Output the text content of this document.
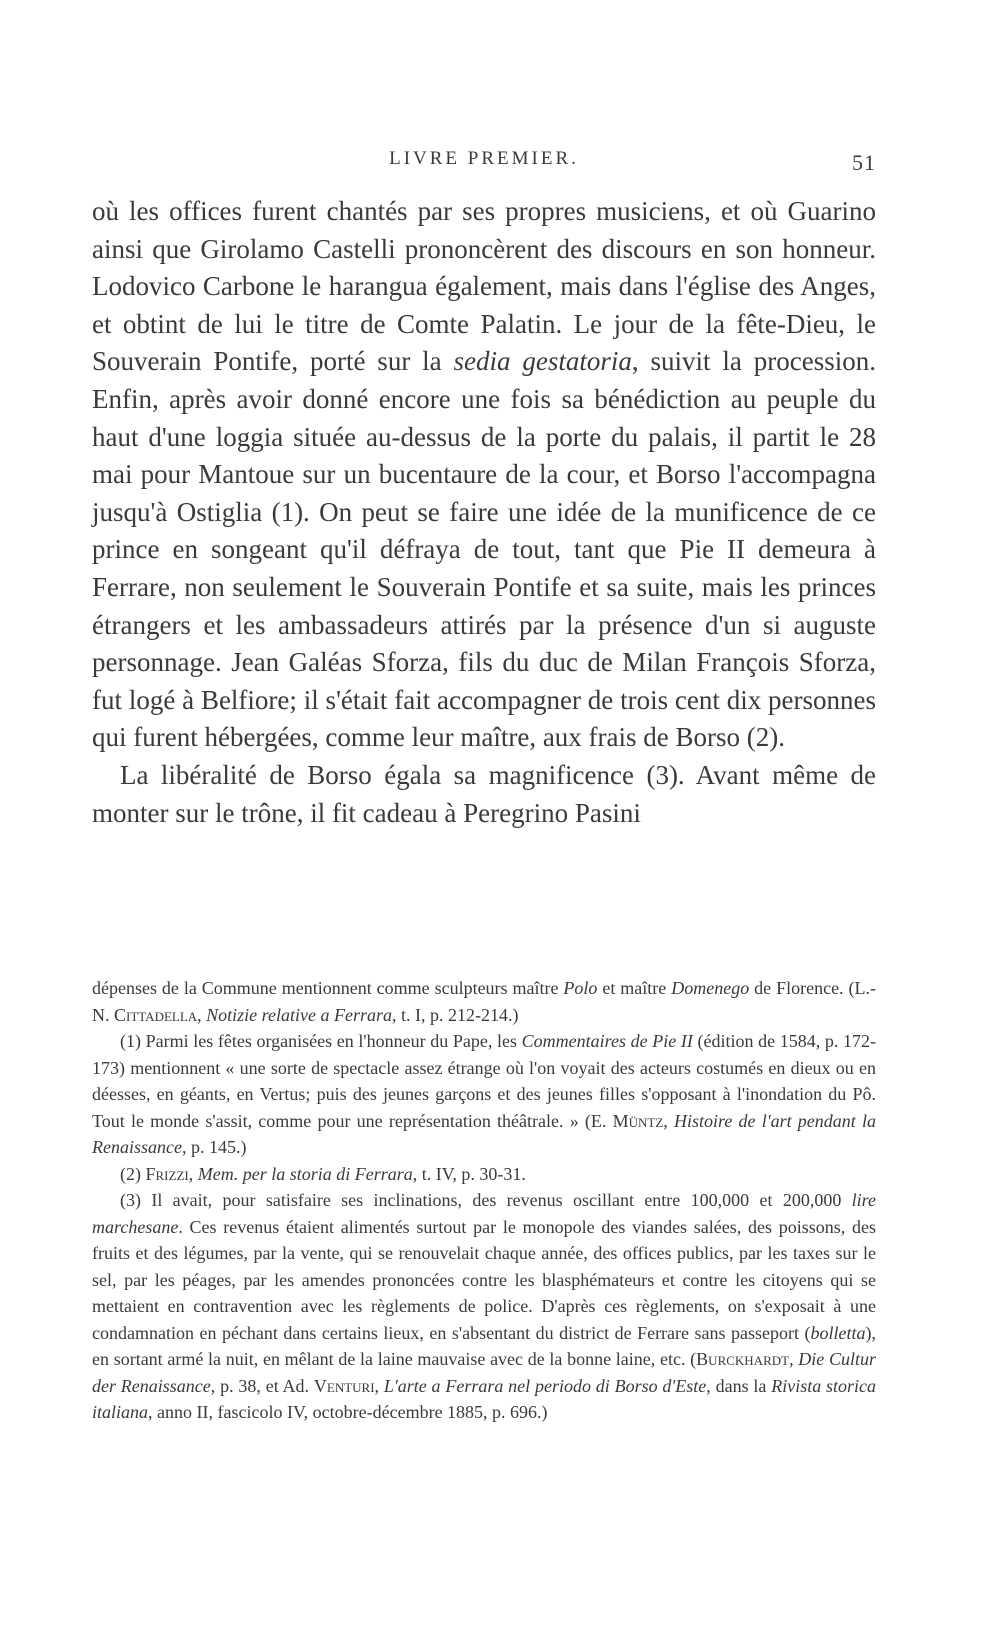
LIVRE PREMIER.	51

où les offices furent chantés par ses propres musiciens, et où Guarino ainsi que Girolamo Castelli prononcèrent des discours en son honneur. Lodovico Carbone le harangua également, mais dans l'église des Anges, et obtint de lui le titre de Comte Palatin. Le jour de la fête-Dieu, le Souverain Pontife, porté sur la sedia gestatoria, suivit la procession. Enfin, après avoir donné encore une fois sa bénédiction au peuple du haut d'une loggia située au-dessus de la porte du palais, il partit le 28 mai pour Mantoue sur un bucentaure de la cour, et Borso l'accompagna jusqu'à Ostiglia (1). On peut se faire une idée de la munificence de ce prince en songeant qu'il défraya de tout, tant que Pie II demeura à Ferrare, non seulement le Souverain Pontife et sa suite, mais les princes étrangers et les ambassadeurs attirés par la présence d'un si auguste personnage. Jean Galéas Sforza, fils du duc de Milan François Sforza, fut logé à Belfiore; il s'était fait accompagner de trois cent dix personnes qui furent hébergées, comme leur maître, aux frais de Borso (2).

La libéralité de Borso égala sa magnificence (3). Avant même de monter sur le trône, il fit cadeau à Peregrino Pasini

dépenses de la Commune mentionnent comme sculpteurs maître Polo et maître Domenego de Florence. (L.-N. Cittadella, Notizie relative a Ferrara, t. I, p. 212-214.)

(1) Parmi les fêtes organisées en l'honneur du Pape, les Commentaires de Pie II (édition de 1584, p. 172-173) mentionnent « une sorte de spectacle assez étrange où l'on voyait des acteurs costumés en dieux ou en déesses, en géants, en Vertus; puis des jeunes garçons et des jeunes filles s'opposant à l'inondation du Pô. Tout le monde s'assit, comme pour une représentation théâtrale. » (E. Müntz, Histoire de l'art pendant la Renaissance, p. 145.)

(2) Frizzi, Mem. per la storia di Ferrara, t. IV, p. 30-31.

(3) Il avait, pour satisfaire ses inclinations, des revenus oscillant entre 100,000 et 200,000 lire marchesane. Ces revenus étaient alimentés surtout par le monopole des viandes salées, des poissons, des fruits et des légumes, par la vente, qui se renouvelait chaque année, des offices publics, par les taxes sur le sel, par les péages, par les amendes prononcées contre les blasphémateurs et contre les citoyens qui se mettaient en contravention avec les règlements de police. D'après ces règlements, on s'exposait à une condamnation en péchant dans certains lieux, en s'absentant du district de Ferrare sans passeport (bolletta), en sortant armé la nuit, en mêlant de la laine mauvaise avec de la bonne laine, etc. (Burckhardt, Die Cultur der Renaissance, p. 38, et Ad. Venturi, L'arte a Ferrara nel periodo di Borso d'Este, dans la Rivista storica italiana, anno II, fascicolo IV, octobre-décembre 1885, p. 696.)
